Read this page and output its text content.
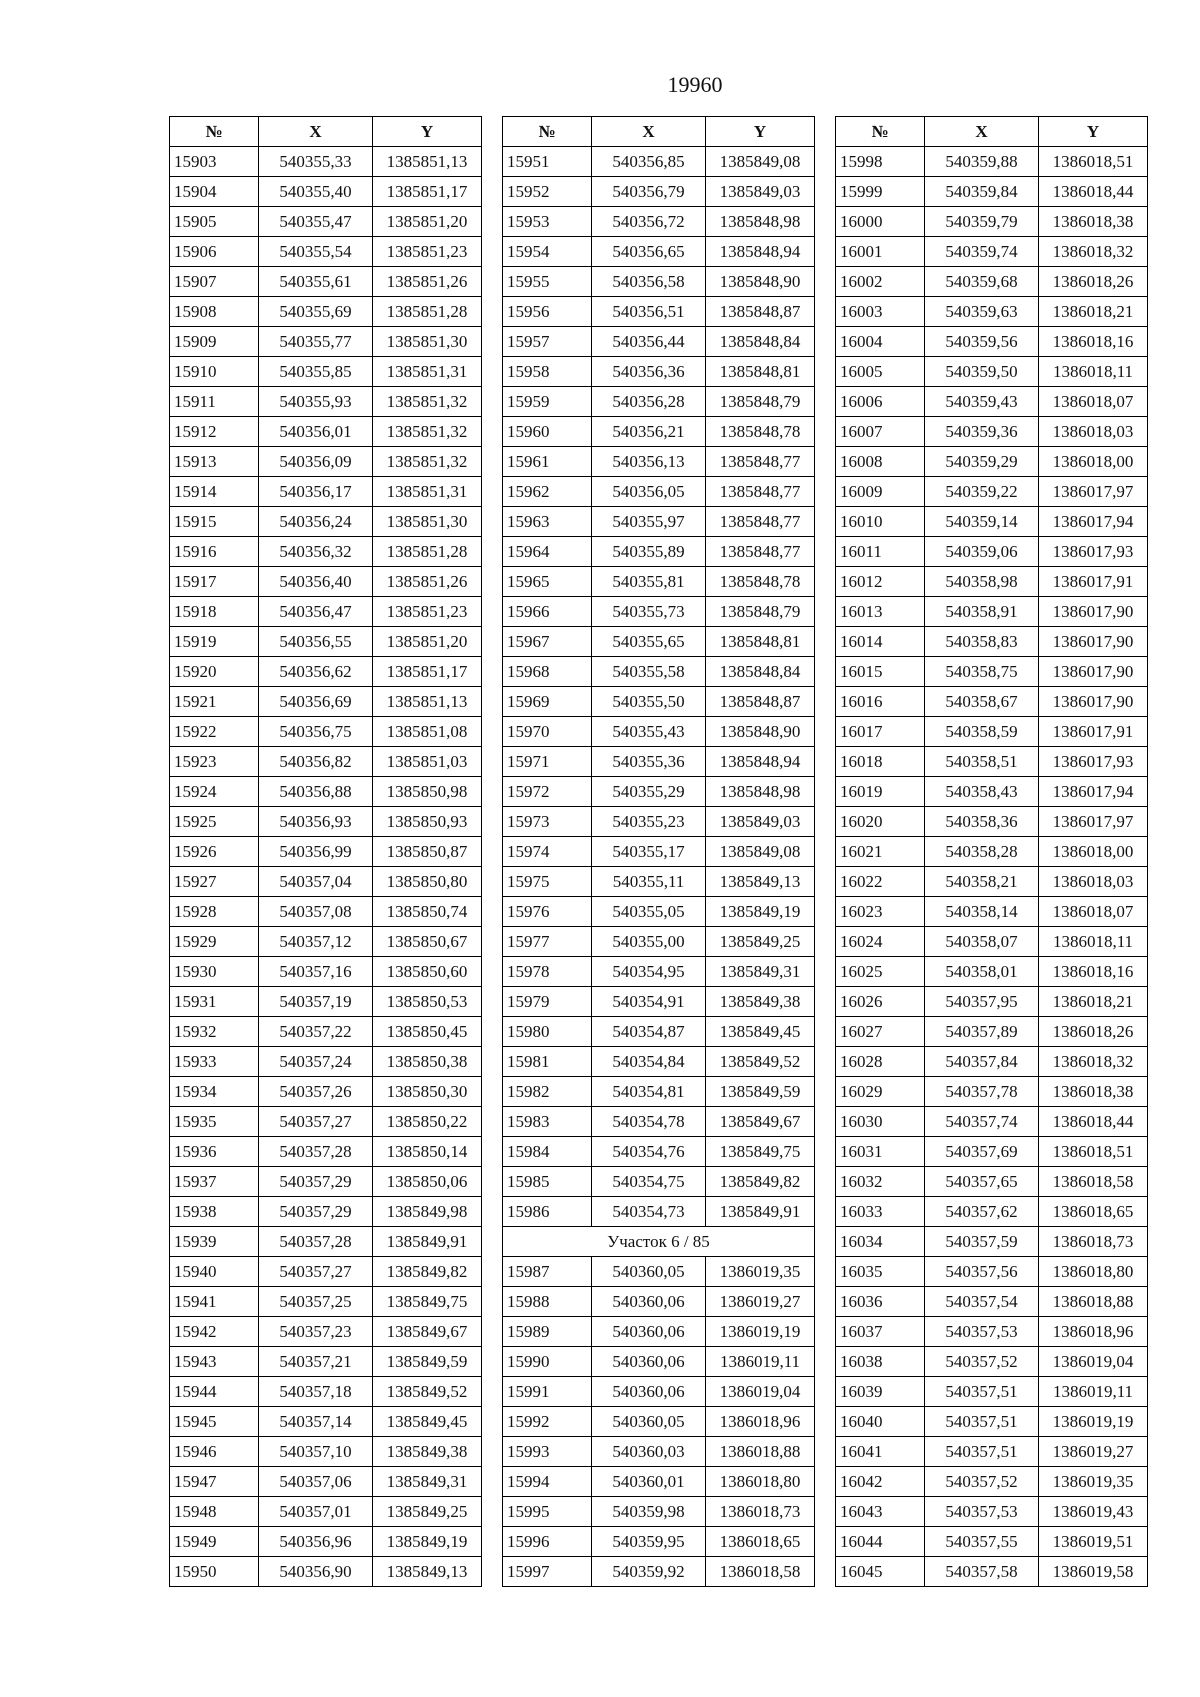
19960
№	X	Y
15903	540355,33	1385851,13
15904	540355,40	1385851,17
15905	540355,47	1385851,20
15906	540355,54	1385851,23
15907	540355,61	1385851,26
15908	540355,69	1385851,28
15909	540355,77	1385851,30
15910	540355,85	1385851,31
15911	540355,93	1385851,32
15912	540356,01	1385851,32
15913	540356,09	1385851,32
15914	540356,17	1385851,31
15915	540356,24	1385851,30
15916	540356,32	1385851,28
15917	540356,40	1385851,26
15918	540356,47	1385851,23
15919	540356,55	1385851,20
15920	540356,62	1385851,17
15921	540356,69	1385851,13
15922	540356,75	1385851,08
15923	540356,82	1385851,03
15924	540356,88	1385850,98
15925	540356,93	1385850,93
15926	540356,99	1385850,87
15927	540357,04	1385850,80
15928	540357,08	1385850,74
15929	540357,12	1385850,67
15930	540357,16	1385850,60
15931	540357,19	1385850,53
15932	540357,22	1385850,45
15933	540357,24	1385850,38
15934	540357,26	1385850,30
15935	540357,27	1385850,22
15936	540357,28	1385850,14
15937	540357,29	1385850,06
15938	540357,29	1385849,98
15939	540357,28	1385849,91
15940	540357,27	1385849,82
15941	540357,25	1385849,75
15942	540357,23	1385849,67
15943	540357,21	1385849,59
15944	540357,18	1385849,52
15945	540357,14	1385849,45
15946	540357,10	1385849,38
15947	540357,06	1385849,31
15948	540357,01	1385849,25
15949	540356,96	1385849,19
15950	540356,90	1385849,13
№	X	Y
15951	540356,85	1385849,08
15952	540356,79	1385849,03
15953	540356,72	1385848,98
15954	540356,65	1385848,94
15955	540356,58	1385848,90
15956	540356,51	1385848,87
15957	540356,44	1385848,84
15958	540356,36	1385848,81
15959	540356,28	1385848,79
15960	540356,21	1385848,78
15961	540356,13	1385848,77
15962	540356,05	1385848,77
15963	540355,97	1385848,77
15964	540355,89	1385848,77
15965	540355,81	1385848,78
15966	540355,73	1385848,79
15967	540355,65	1385848,81
15968	540355,58	1385848,84
15969	540355,50	1385848,87
15970	540355,43	1385848,90
15971	540355,36	1385848,94
15972	540355,29	1385848,98
15973	540355,23	1385849,03
15974	540355,17	1385849,08
15975	540355,11	1385849,13
15976	540355,05	1385849,19
15977	540355,00	1385849,25
15978	540354,95	1385849,31
15979	540354,91	1385849,38
15980	540354,87	1385849,45
15981	540354,84	1385849,52
15982	540354,81	1385849,59
15983	540354,78	1385849,67
15984	540354,76	1385849,75
15985	540354,75	1385849,82
15986	540354,73	1385849,91
Участок 6 / 85		
15987	540360,05	1386019,35
15988	540360,06	1386019,27
15989	540360,06	1386019,19
15990	540360,06	1386019,11
15991	540360,06	1386019,04
15992	540360,05	1386018,96
15993	540360,03	1386018,88
15994	540360,01	1386018,80
15995	540359,98	1386018,73
15996	540359,95	1386018,65
15997	540359,92	1386018,58
№	X	Y
15998	540359,88	1386018,51
15999	540359,84	1386018,44
16000	540359,79	1386018,38
16001	540359,74	1386018,32
16002	540359,68	1386018,26
16003	540359,63	1386018,21
16004	540359,56	1386018,16
16005	540359,50	1386018,11
16006	540359,43	1386018,07
16007	540359,36	1386018,03
16008	540359,29	1386018,00
16009	540359,22	1386017,97
16010	540359,14	1386017,94
16011	540359,06	1386017,93
16012	540358,98	1386017,91
16013	540358,91	1386017,90
16014	540358,83	1386017,90
16015	540358,75	1386017,90
16016	540358,67	1386017,90
16017	540358,59	1386017,91
16018	540358,51	1386017,93
16019	540358,43	1386017,94
16020	540358,36	1386017,97
16021	540358,28	1386018,00
16022	540358,21	1386018,03
16023	540358,14	1386018,07
16024	540358,07	1386018,11
16025	540358,01	1386018,16
16026	540357,95	1386018,21
16027	540357,89	1386018,26
16028	540357,84	1386018,32
16029	540357,78	1386018,38
16030	540357,74	1386018,44
16031	540357,69	1386018,51
16032	540357,65	1386018,58
16033	540357,62	1386018,65
16034	540357,59	1386018,73
16035	540357,56	1386018,80
16036	540357,54	1386018,88
16037	540357,53	1386018,96
16038	540357,52	1386019,04
16039	540357,51	1386019,11
16040	540357,51	1386019,19
16041	540357,51	1386019,27
16042	540357,52	1386019,35
16043	540357,53	1386019,43
16044	540357,55	1386019,51
16045	540357,58	1386019,58
